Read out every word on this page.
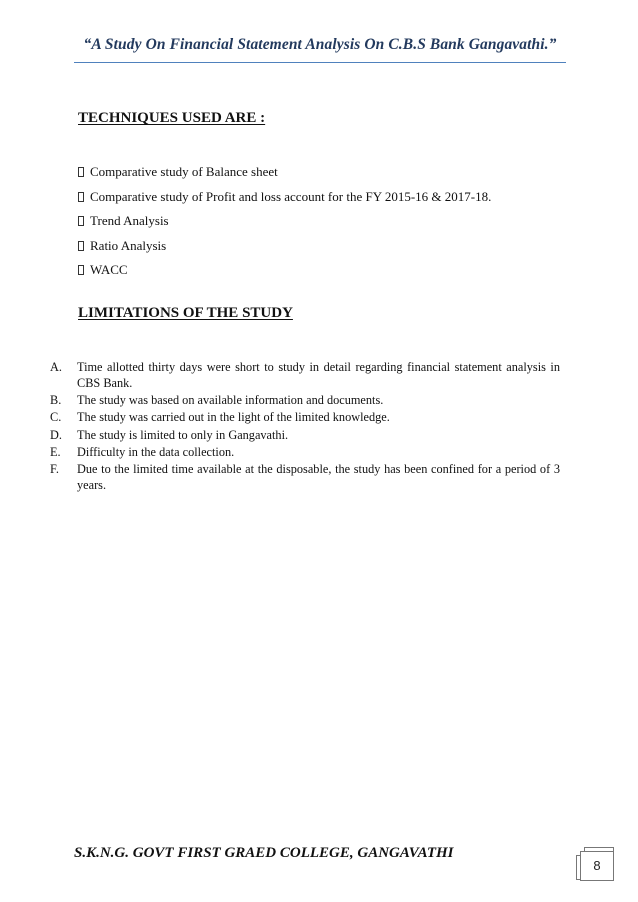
“A Study On Financial Statement Analysis On C.B.S Bank Gangavathi.”
TECHNIQUES USED ARE :
Comparative study of Balance sheet
Comparative study of Profit and loss account for the FY 2015-16 & 2017-18.
Trend Analysis
Ratio Analysis
WACC
LIMITATIONS OF THE STUDY
A.	Time allotted thirty days were short to study in detail regarding financial statement analysis in CBS Bank.
B.	The study was based on available information and documents.
C.	The study was carried out in the light of the limited knowledge.
D.	The study is limited to only in Gangavathi.
E.	Difficulty in the data collection.
F.	Due to the limited time available at the disposable, the study has been confined for a period of 3 years.
S.K.N.G. GOVT FIRST GRAED COLLEGE, GANGAVATHI
8
